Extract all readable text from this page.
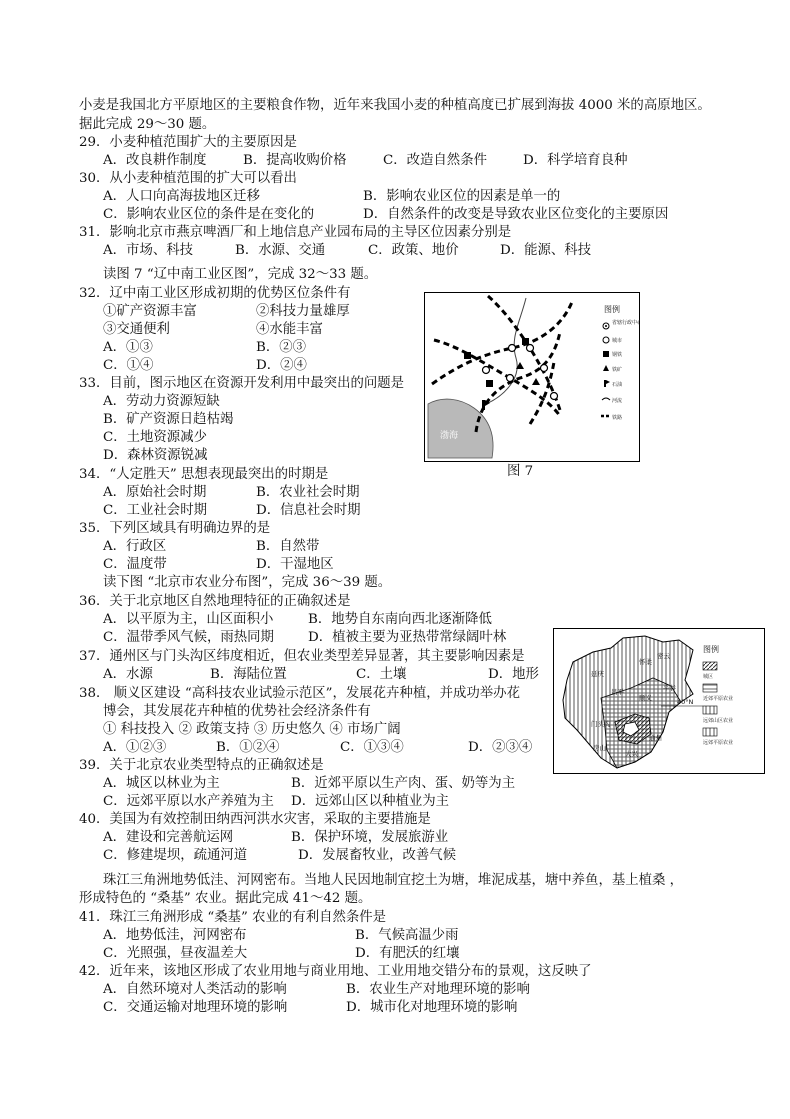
小麦是我国北方平原地区的主要粮食作物，近年来我国小麦的种植高度已扩展到海拔 4000 米的高原地区。
据此完成 29～30 题。
29．小麦种植范围扩大的主要原因是
A．改良耕作制度	B．提高收购价格	C．改造自然条件	D．科学培育良种
30．从小麦种植范围的扩大可以看出
A．人口向高海拔地区迁移	B．影响农业区位的因素是单一的
C．影响农业区位的条件是在变化的	D．自然条件的改变是导致农业区位变化的主要原因
31．影响北京市燕京啤酒厂和上地信息产业园布局的主导区位因素分别是
A．市场、科技	B．水源、交通	C．政策、地价	D．能源、科技
读图 7 “辽中南工业区图”，完成 32～33 题。
32．辽中南工业区形成初期的优势区位条件有
①矿产资源丰富	②科技力量雄厚
③交通便利	④水能丰富
A．①③	B．②③
C．①④	D．②④
33．目前，图示地区在资源开发利用中最突出的问题是
A．劳动力资源短缺
B．矿产资源日趋枯竭
C．土地资源减少
D．森林资源锐减
34．“人定胜天” 思想表现最突出的时期是
A．原始社会时期	B．农业社会时期
C．工业社会时期	D．信息社会时期
35．下列区域具有明确边界的是
A．行政区	B．自然带
C．温度带	D．干湿地区
读下图 “北京市农业分布图”，完成 36～39 题。
36．关于北京地区自然地理特征的正确叙述是
A．以平原为主，山区面积小	B．地势自东南向西北逐渐降低
C．温带季风气候，雨热同期	D．植被主要为亚热带常绿阔叶林
37．通州区与门头沟区纬度相近，但农业类型差异显著，其主要影响因素是
A．水源	B．海陆位置	C．土壤	D．地形
38． 顺义区建设 “高科技农业试验示范区”，发展花卉种植，并成功举办花
博会，其发展花卉种植的优势社会经济条件有
① 科技投入 ② 政策支持 ③ 历史悠久 ④ 市场广阔
A．①②③	B．①②④	C．①③④	D．②③④
39．关于北京农业类型特点的正确叙述是
A．城区以林业为主	B．近郊平原以生产肉、蛋、奶等为主
C．远郊平原以水产养殖为主 D．远郊山区以种植业为主
40．美国为有效控制田纳西河洪水灾害，采取的主要措施是
A．建设和完善航运网	B．保护环境，发展旅游业
C．修建堤坝，疏通河道	D．发展畜牧业，改善气候
珠江三角洲地势低洼、河网密布。当地人民因地制宜挖土为塘，堆泥成基，塘中养鱼，基上植桑 ，
形成特色的 “桑基” 农业。据此完成 41～42 题。
41．珠江三角洲形成 “桑基” 农业的有利自然条件是
A．地势低洼，河网密布	B．气候高温少雨
C．光照强，昼夜温差大	D．有肥沃的红壤
42．近年来，该地区形成了农业用地与商业用地、工业用地交错分布的景观，这反映了
A．自然环境对人类活动的影响	B．农业生产对地理环境的影响
C．交通运输对地理环境的影响	D．城市化对地理环境的影响
图例
省辖行政中心
城市
钢铁
铁矿
石油
河流
铁路
渤海
图 7
延庆
怀柔
密云
昌平
顺义
平谷
门头沟
房山
大兴
通州
40°N
图例
城区
近郊平原农业
远郊山区农业
远郊平原农业
